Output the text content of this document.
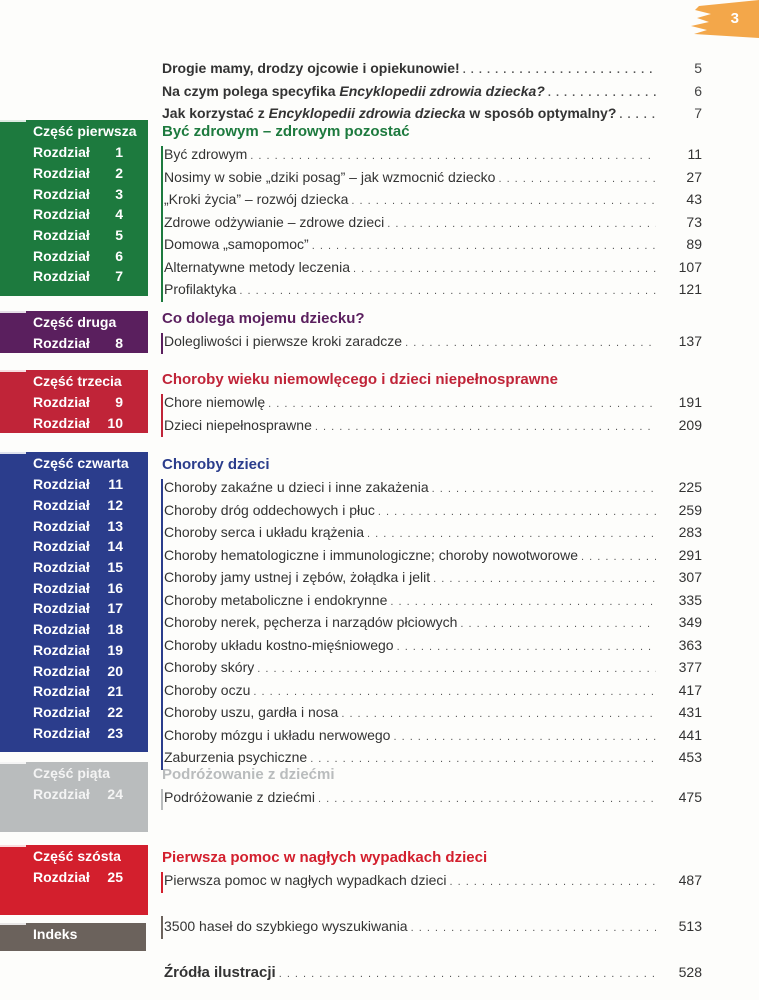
3
Drogie mamy, drodzy ojcowie i opiekunowie! . . .	5
Na czym polega specyfika Encyklopedii zdrowia dziecka? . . .	6
Jak korzystać z Encyklopedii zdrowia dziecka w sposób optymalny? . . .	7
Część pierwsza
Rozdział	1
Rozdział	2
Rozdział	3
Rozdział	4
Rozdział	5
Rozdział	6
Rozdział	7
Część druga
Rozdział	8
Część trzecia
Rozdział	9
Rozdział	10
Część czwarta
Rozdział	11
Rozdział	12
Rozdział	13
Rozdział	14
Rozdział	15
Rozdział	16
Rozdział	17
Rozdział	18
Rozdział	19
Rozdział	20
Rozdział	21
Rozdział	22
Rozdział	23
Część piąta
Rozdział	24
Część szósta
Rozdział	25
Indeks
Być zdrowym – zdrowym pozostać
Być zdrowym . . .	11
Nosimy w sobie „dziki posag” – jak wzmocnić dziecko . . .	27
„Kroki życia” – rozwój dziecka . . .	43
Zdrowe odżywianie – zdrowe dzieci . . .	73
Domowa „samopomoc” . . .	89
Alternatywne metody leczenia . . .	107
Profilaktyka . . .	121
Co dolega mojemu dziecku?
Dolegliwości i pierwsze kroki zaradcze . . .	137
Choroby wieku niemowlęcego i dzieci niepełnosprawne
Chore niemowlę . . .	191
Dzieci niepełnosprawne . . .	209
Choroby dzieci
Choroby zakaźne u dzieci i inne zakażenia . . .	225
Choroby dróg oddechowych i płuc . . .	259
Choroby serca i układu krążenia . . .	283
Choroby hematologiczne i immunologiczne; choroby nowotworowe . . .	291
Choroby jamy ustnej i zębów, żołądka i jelit . . .	307
Choroby metaboliczne i endokrynne . . .	335
Choroby nerek, pęcherza i narządów płciowych . . .	349
Choroby układu kostno-mięśniowego . . .	363
Choroby skóry . . .	377
Choroby oczu . . .	417
Choroby uszu, gardła i nosa . . .	431
Choroby mózgu i układu nerwowego . . .	441
Zaburzenia psychiczne . . .	453
Podróżowanie z dziećmi
Podróżowanie z dziećmi . . .	475
Pierwsza pomoc w nagłych wypadkach dzieci
Pierwsza pomoc w nagłych wypadkach dzieci . . .	487
3500 haseł do szybkiego wyszukiwania . . .	513
Źródła ilustracji . . .	528
